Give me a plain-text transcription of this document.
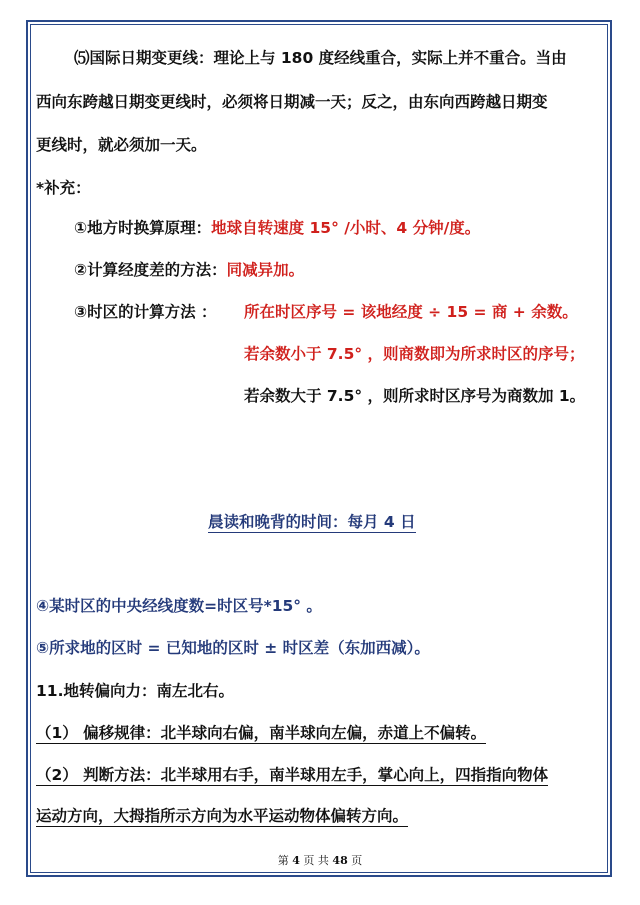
⑸国际日期变更线：理论上与 180 度经线重合，实际上并不重合。当由
西向东跨越日期变更线时，必须将日期减一天；反之，由东向西跨越日期变
更线时，就必须加一天。
*补充：
①地方时换算原理：地球自转速度 15° /小时、4 分钟/度。
②计算经度差的方法：同减异加。
③时区的计算方法 ： 所在时区序号 = 该地经度 ÷ 15 = 商 + 余数。
若余数小于 7.5° ，则商数即为所求时区的序号；
若余数大于 7.5° ，则所求时区序号为商数加 1。
晨读和晚背的时间：每月 4 日
④某时区的中央经线度数=时区号*15° 。
⑤所求地的区时 = 已知地的区时 ± 时区差（东加西减）。
11.地转偏向力：南左北右。
（1） 偏移规律：北半球向右偏，南半球向左偏，赤道上不偏转。
（2） 判断方法：北半球用右手，南半球用左手，掌心向上，四指指向物体
运动方向，大拇指所示方向为水平运动物体偏转方向。
第 4 页 共 48 页
